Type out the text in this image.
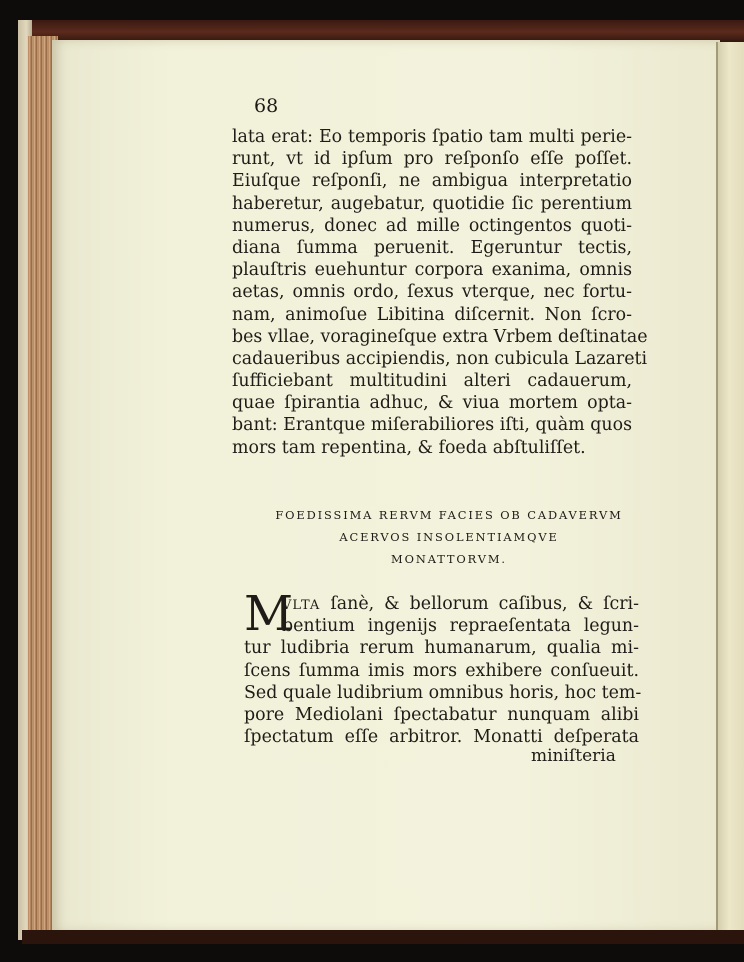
68
lata erat: Eo temporis ſpatio tam multi perie-
runt, vt id ipſum pro reſponſo eſſe poſſet.
Eiuſque reſponſi, ne ambigua interpretatio
haberetur, augebatur, quotidie ſic perentium
numerus, donec ad mille octingentos quoti-
diana ſumma peruenit. Egeruntur tectis,
plauſtris euehuntur corpora exanima, omnis
aetas, omnis ordo, ſexus vterque, nec fortu-
nam, animoſue Libitina diſcernit. Non ſcro-
bes vllae, voragineſque extra Vrbem deſtinatae
cadaueribus accipiendis, non cubicula Lazareti
ſufficiebant multitudini alteri cadauerum,
quae ſpirantia adhuc, & viua mortem opta-
bant: Erantque miſerabiliores iſti, quàm quos
mors tam repentina, & foeda abſtuliſſet.
FOEDISSIMA RERVM FACIES OB CADAVERVM
ACERVOS INSOLENTIAMQVE
MONATTORVM.
M
VLTA ſanè, & bellorum caſibus, & ſcri-
bentium ingenijs repraeſentata legun-
tur ludibria rerum humanarum, qualia mi-
ſcens ſumma imis mors exhibere conſueuit.
Sed quale ludibrium omnibus horis, hoc tem-
pore Mediolani ſpectabatur nunquam alibi
ſpectatum eſſe arbitror. Monatti deſperata
miniſteria
